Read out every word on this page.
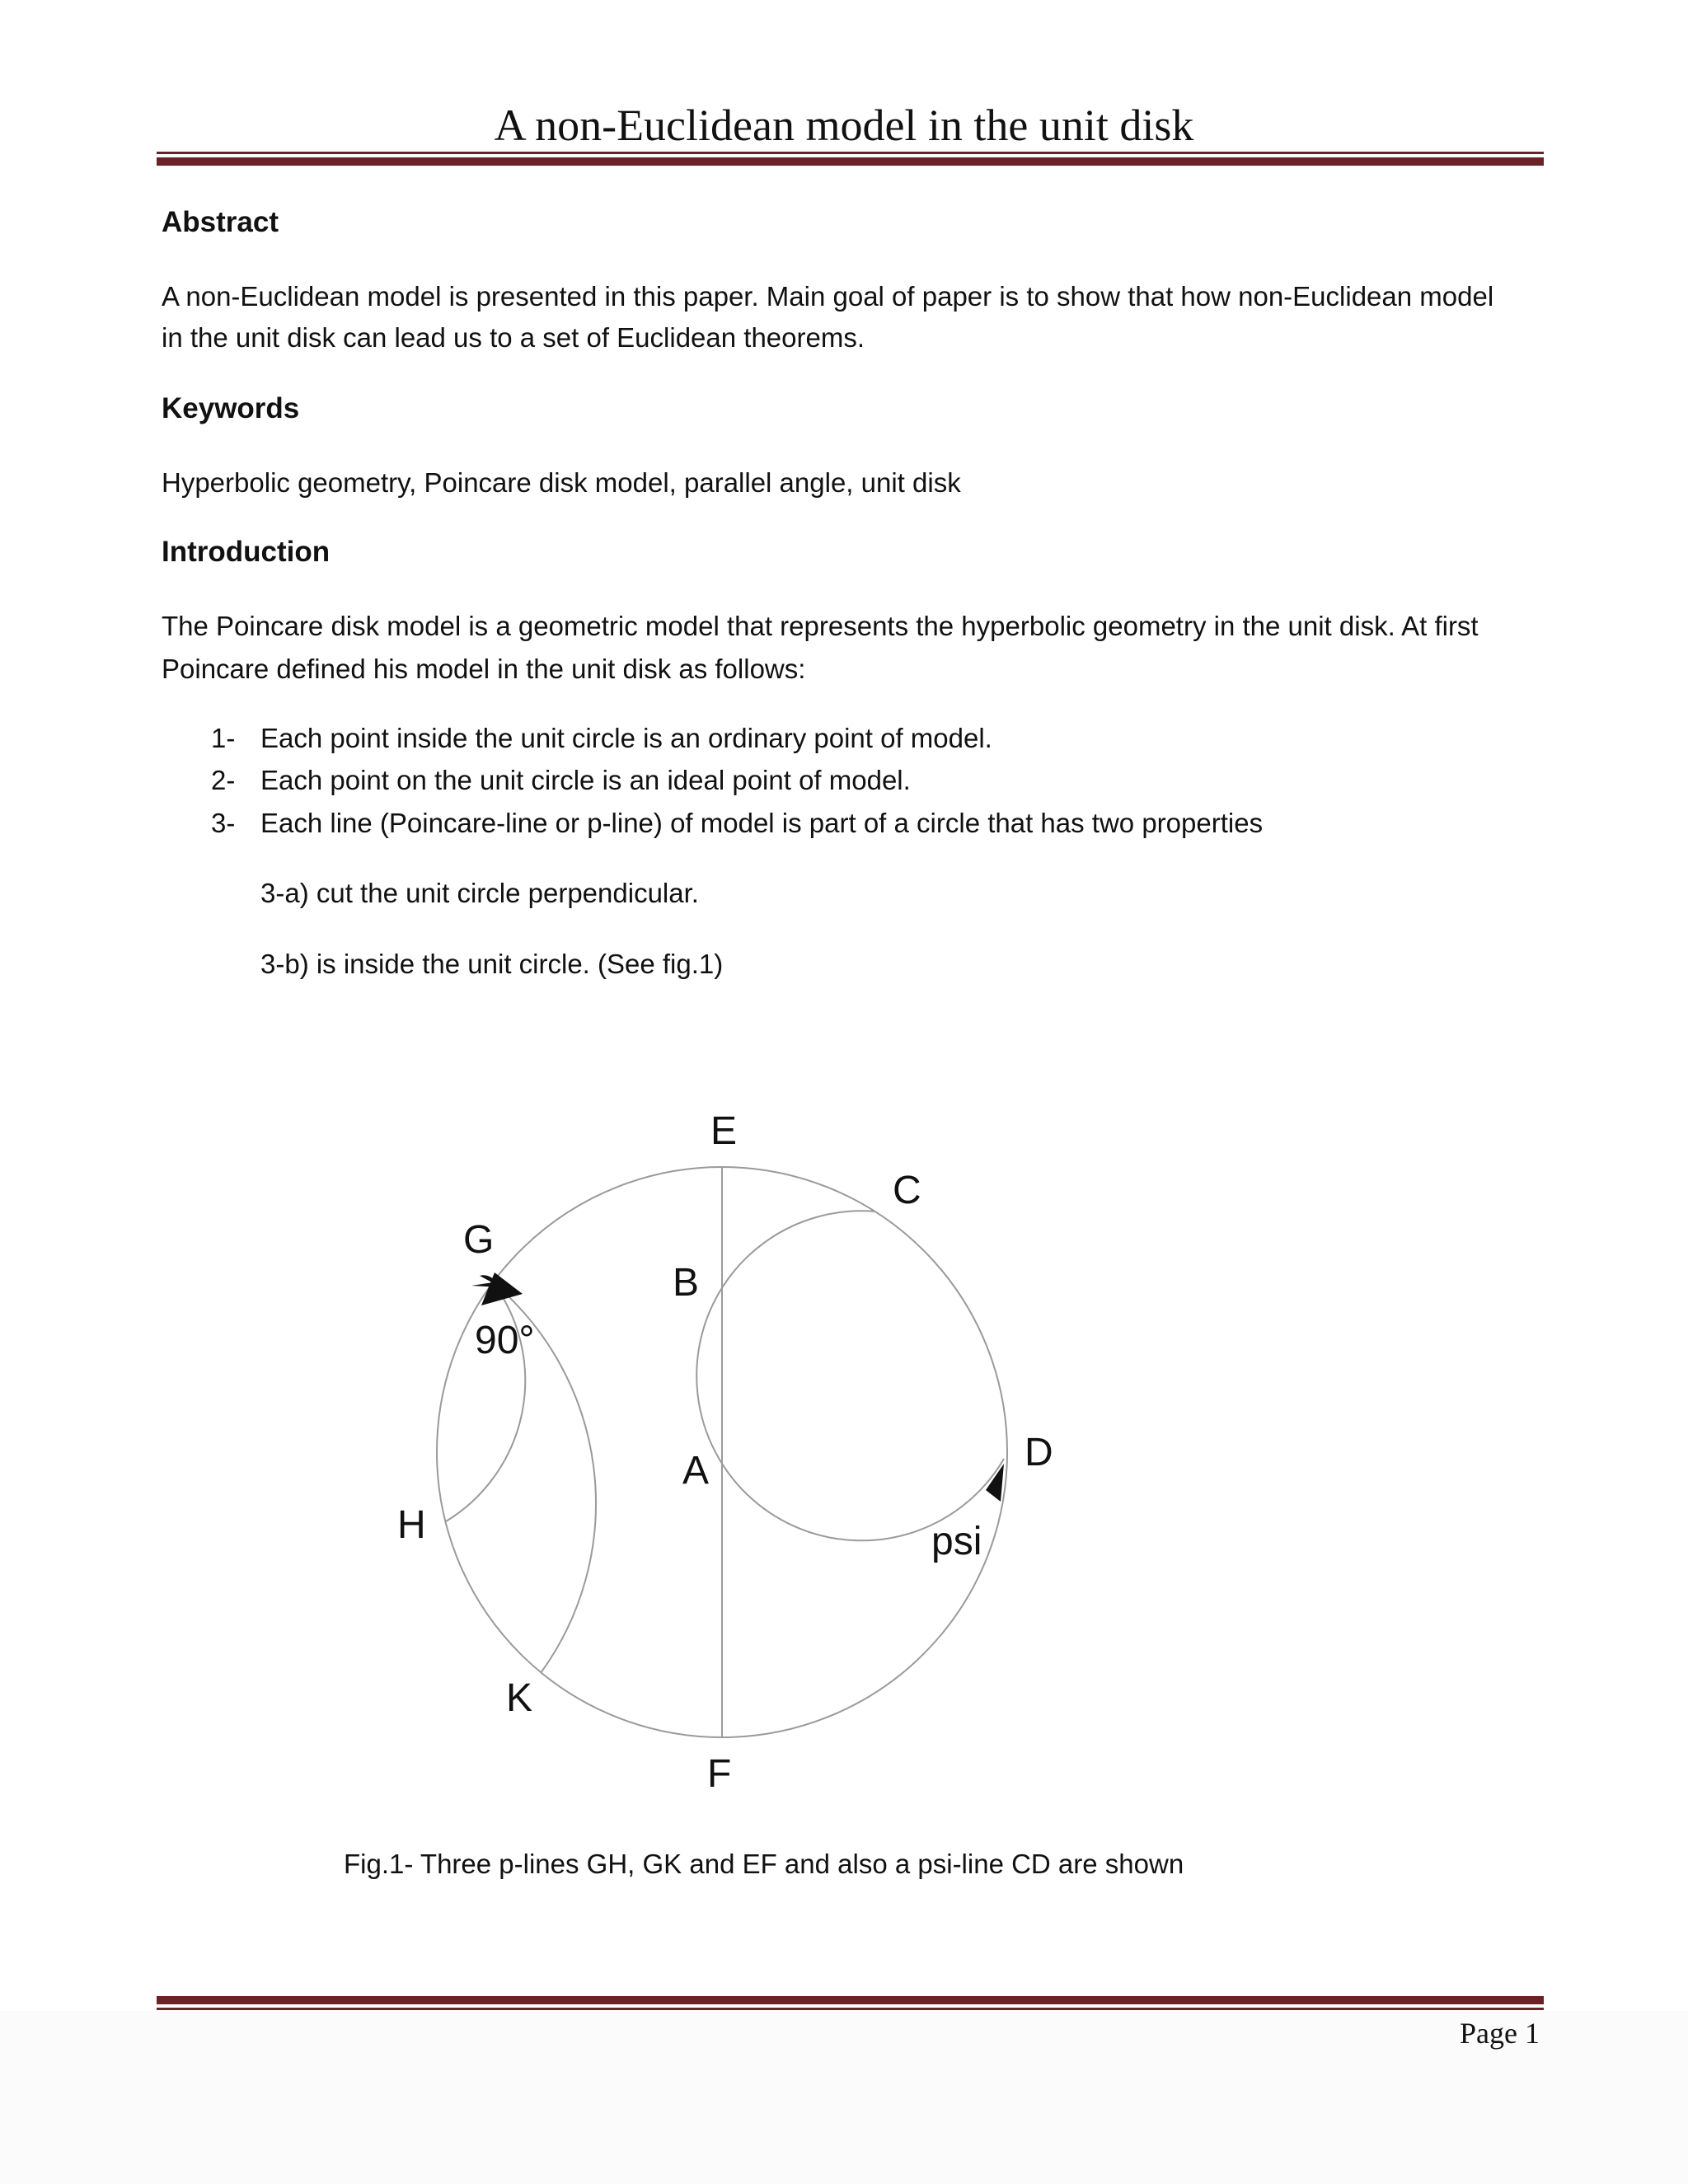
A non-Euclidean model in the unit disk
Abstract
A non-Euclidean model is presented in this paper. Main goal of paper is to show that how non-Euclidean model
in the unit disk can lead us to a set of Euclidean theorems.
Keywords
Hyperbolic geometry, Poincare disk model, parallel angle, unit disk
Introduction
The Poincare disk model is a geometric model that represents the hyperbolic geometry in the unit disk. At first
Poincare defined his model in the unit disk as follows:
1- Each point inside the unit circle is an ordinary point of model.
2- Each point on the unit circle is an ideal point of model.
3- Each line (Poincare-line or p-line) of model is part of a circle that has two properties
3-a) cut the unit circle perpendicular.
3-b) is inside the unit circle. (See fig.1)
E
C
G
B
90°
D
A
H	psi
K
F
Fig.1- Three p-lines GH, GK and EF and also a psi-line CD are shown
Page 1
